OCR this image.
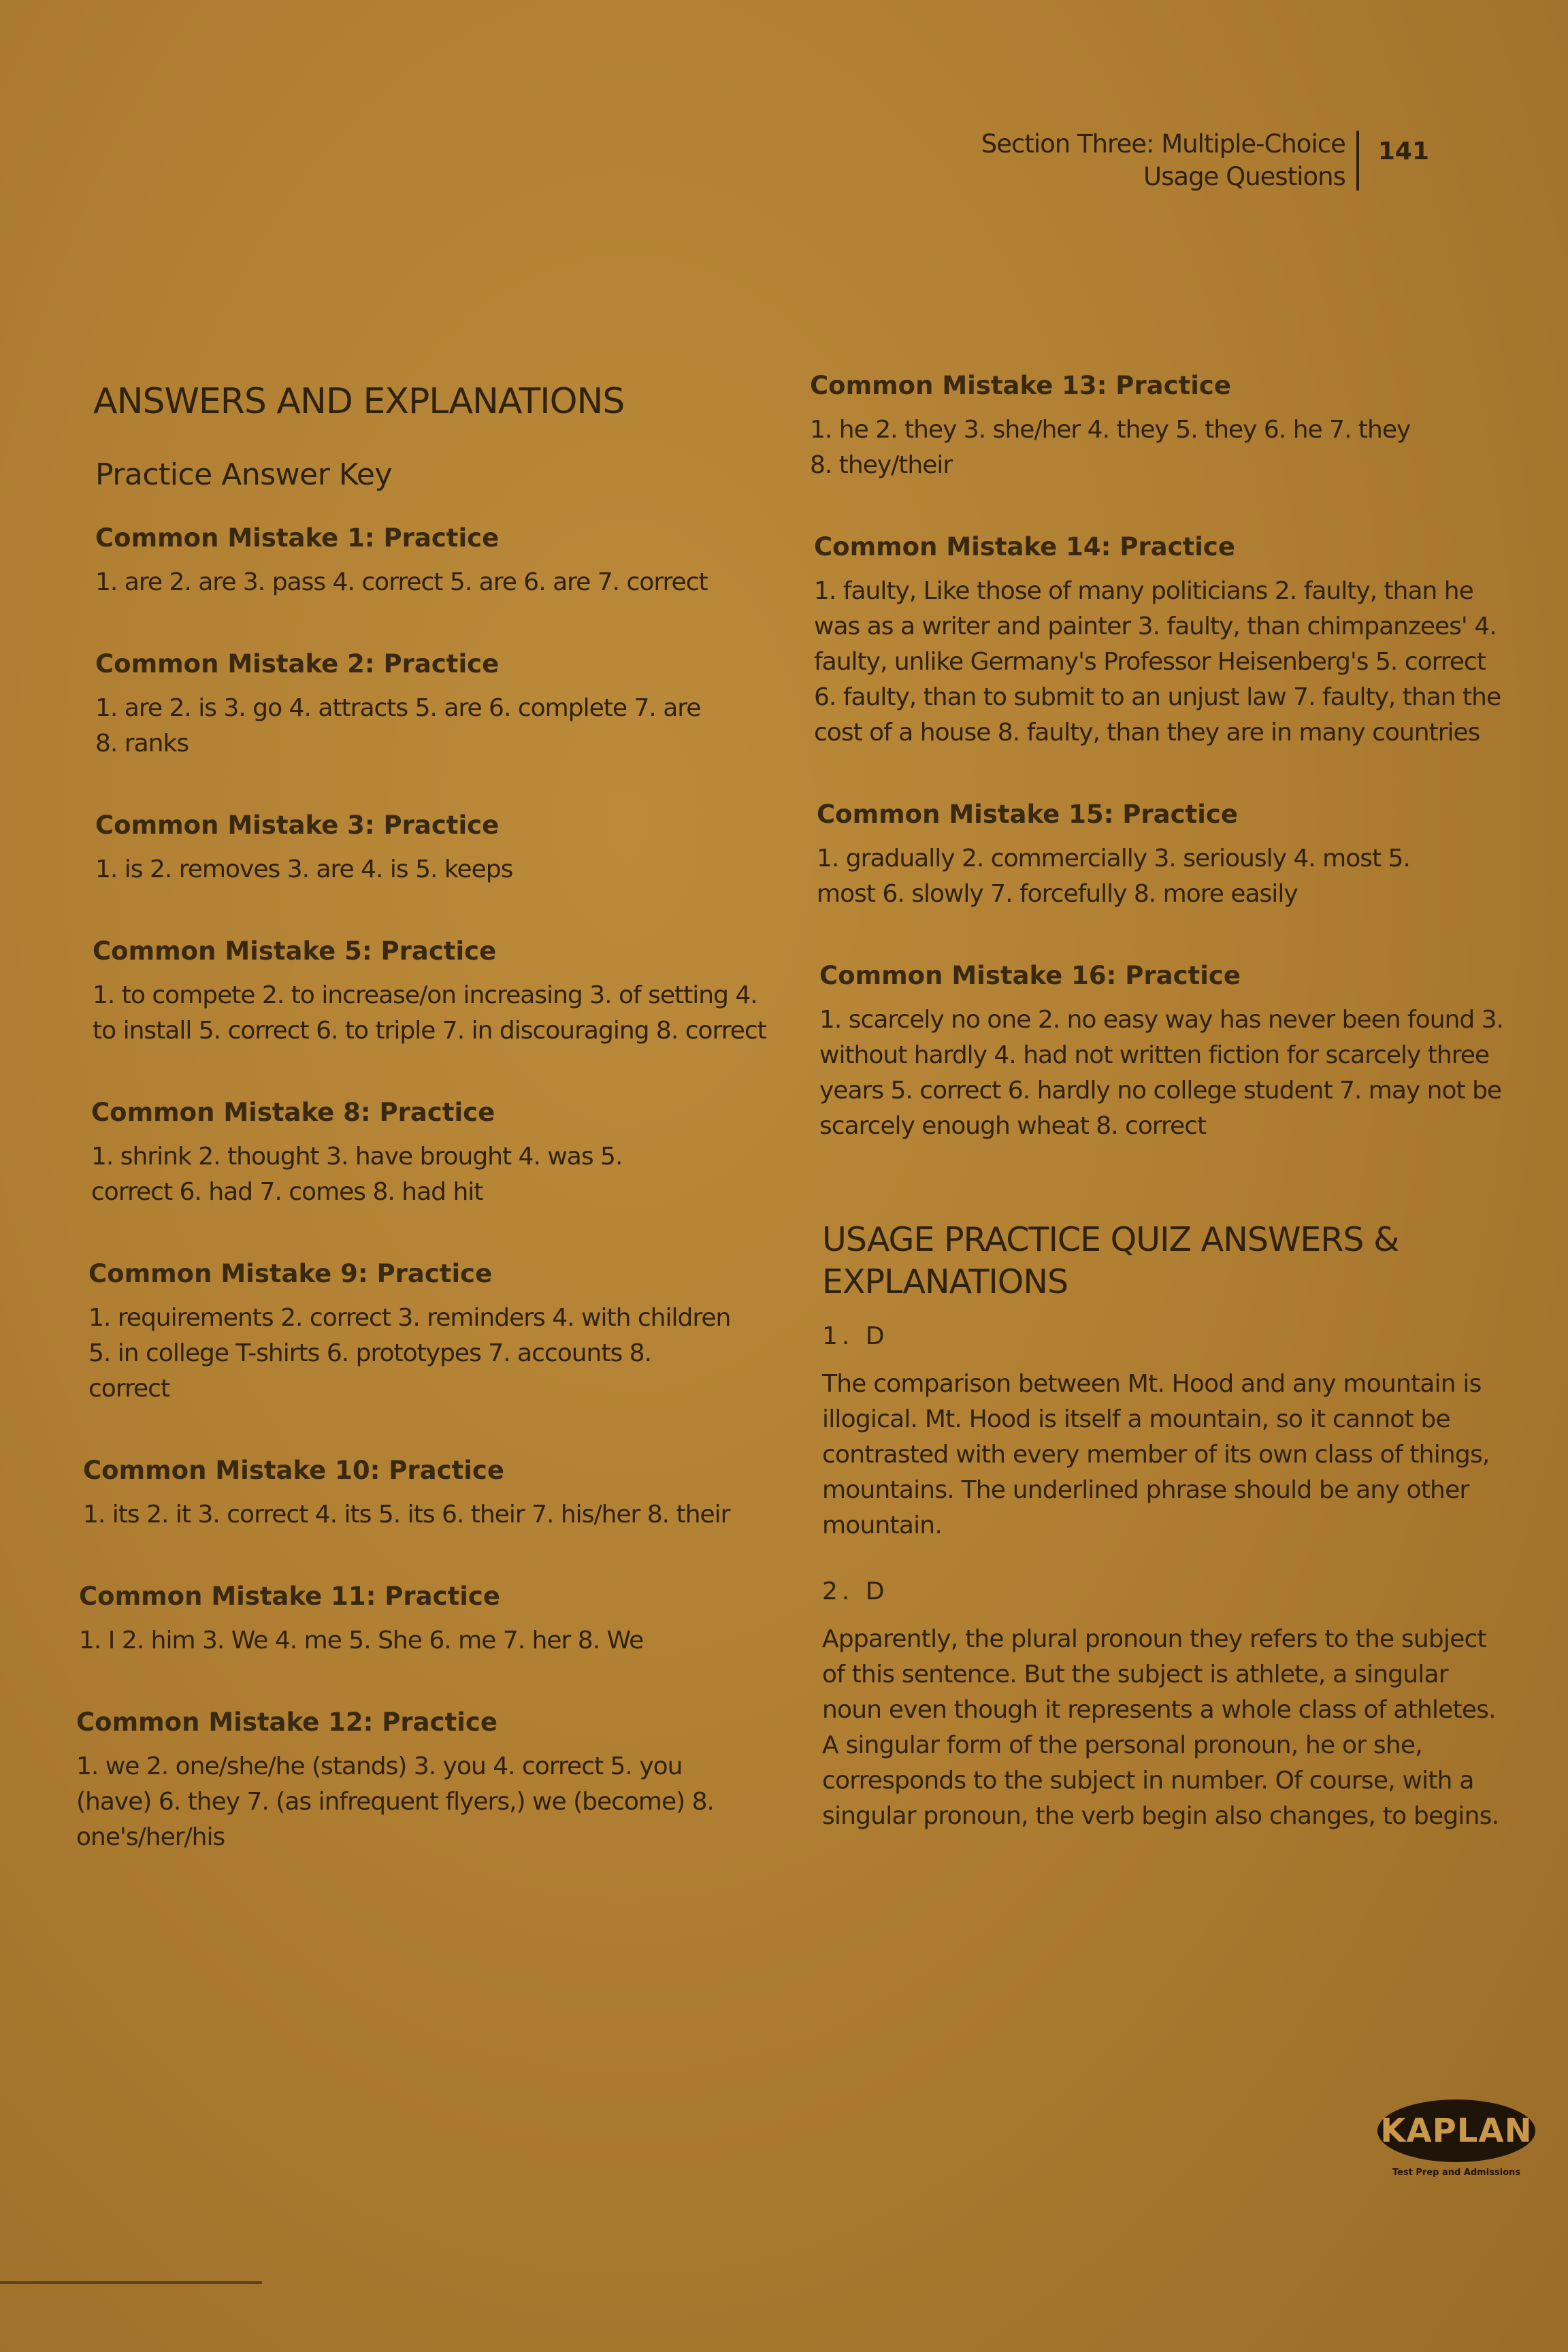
Section Three: Multiple-Choice
Usage Questions
141
ANSWERS AND EXPLANATIONS
Practice Answer Key
Common Mistake 1: Practice
1. are 2. are 3. pass 4. correct 5. are 6. are 7. correct
Common Mistake 2: Practice
1. are 2. is 3. go 4. attracts 5. are 6. complete 7. are 8. ranks
Common Mistake 3: Practice
1. is 2. removes 3. are 4. is 5. keeps
Common Mistake 5: Practice
1. to compete 2. to increase/on increasing 3. of setting 4. to install 5. correct 6. to triple 7. in discouraging 8. correct
Common Mistake 8: Practice
1. shrink 2. thought 3. have brought 4. was 5. correct 6. had 7. comes 8. had hit
Common Mistake 9: Practice
1. requirements 2. correct 3. reminders 4. with children 5. in college T-shirts 6. prototypes 7. accounts 8. correct
Common Mistake 10: Practice
1. its 2. it 3. correct 4. its 5. its 6. their 7. his/her 8. their
Common Mistake 11: Practice
1. I 2. him 3. We 4. me 5. She 6. me 7. her 8. We
Common Mistake 12: Practice
1. we 2. one/she/he (stands) 3. you 4. correct 5. you (have) 6. they 7. (as infrequent flyers,) we (become) 8. one's/her/his
Common Mistake 13: Practice
1. he 2. they 3. she/her 4. they 5. they 6. he 7. they 8. they/their
Common Mistake 14: Practice
1. faulty, Like those of many politicians 2. faulty, than he was as a writer and painter 3. faulty, than chimpanzees' 4. faulty, unlike Germany's Professor Heisenberg's 5. correct 6. faulty, than to submit to an unjust law 7. faulty, than the cost of a house 8. faulty, than they are in many countries
Common Mistake 15: Practice
1. gradually 2. commercially 3. seriously 4. most 5. most 6. slowly 7. forcefully 8. more easily
Common Mistake 16: Practice
1. scarcely no one 2. no easy way has never been found 3. without hardly 4. had not written fiction for scarcely three years 5. correct 6. hardly no college student 7. may not be scarcely enough wheat 8. correct
USAGE PRACTICE QUIZ ANSWERS & EXPLANATIONS
1. D
The comparison between Mt. Hood and any mountain is illogical. Mt. Hood is itself a mountain, so it cannot be contrasted with every member of its own class of things, mountains. The underlined phrase should be any other mountain.
2. D
Apparently, the plural pronoun they refers to the subject of this sentence. But the subject is athlete, a singular noun even though it represents a whole class of athletes. A singular form of the personal pronoun, he or she, corresponds to the subject in number. Of course, with a singular pronoun, the verb begin also changes, to begins.
KAPLAN
Test Prep and Admissions
